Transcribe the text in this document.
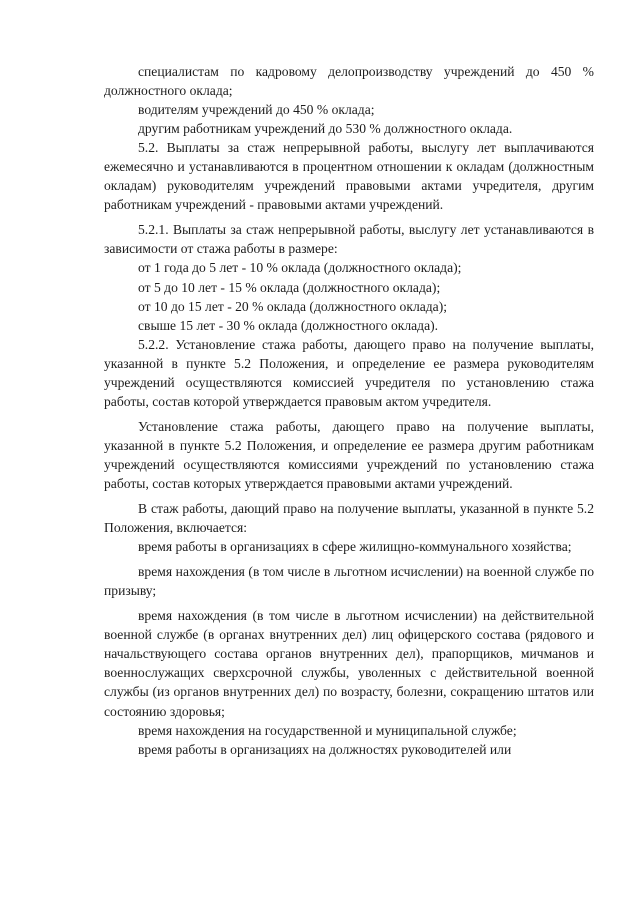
специалистам по кадровому делопроизводству учреждений до 450 % должностного оклада;

водителям учреждений до 450 % оклада;

другим работникам учреждений до 530 % должностного оклада.

5.2. Выплаты за стаж непрерывной работы, выслугу лет выплачиваются ежемесячно и устанавливаются в процентном отношении к окладам (должностным окладам) руководителям учреждений правовыми актами учредителя, другим работникам учреждений - правовыми актами учреждений.

5.2.1. Выплаты за стаж непрерывной работы, выслугу лет устанавливаются в зависимости от стажа работы в размере:

от 1 года до 5 лет - 10 % оклада (должностного оклада);

от 5 до 10 лет - 15 % оклада (должностного оклада);

от 10 до 15 лет - 20 % оклада (должностного оклада);

свыше 15 лет - 30 % оклада (должностного оклада).

5.2.2. Установление стажа работы, дающего право на получение выплаты, указанной в пункте 5.2 Положения, и определение ее размера руководителям учреждений осуществляются комиссией учредителя по установлению стажа работы, состав которой утверждается правовым актом учредителя.

Установление стажа работы, дающего право на получение выплаты, указанной в пункте 5.2 Положения, и определение ее размера другим работникам учреждений осуществляются комиссиями учреждений по установлению стажа работы, состав которых утверждается правовыми актами учреждений.

В стаж работы, дающий право на получение выплаты, указанной в пункте 5.2 Положения, включается:

время работы в организациях в сфере жилищно-коммунального хозяйства;

время нахождения (в том числе в льготном исчислении) на военной службе по призыву;

время нахождения (в том числе в льготном исчислении) на действительной военной службе (в органах внутренних дел) лиц офицерского состава (рядового и начальствующего состава органов внутренних дел), прапорщиков, мичманов и военнослужащих сверхсрочной службы, уволенных с действительной военной службы (из органов внутренних дел) по возрасту, болезни, сокращению штатов или состоянию здоровья;

время нахождения на государственной и муниципальной службе;

время работы в организациях на должностях руководителей или
